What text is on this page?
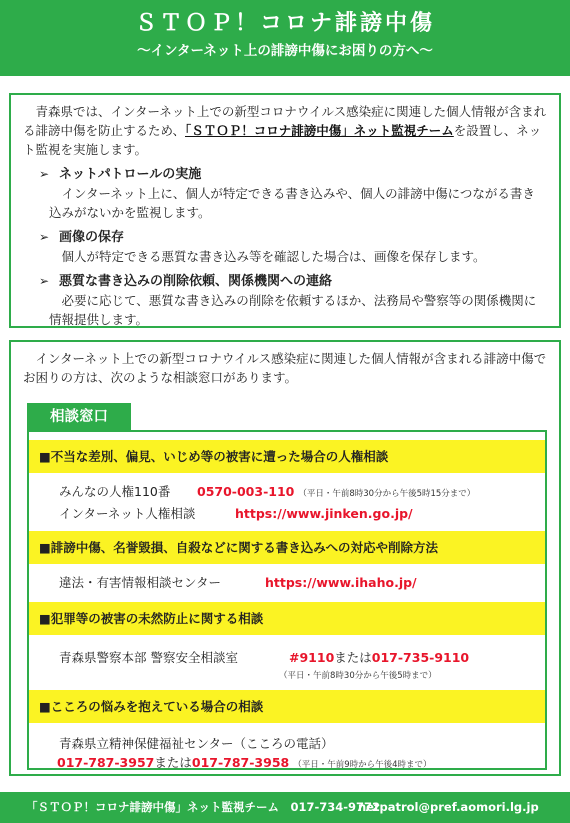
ＳＴＯＰ！コロナ誹謗中傷
〜インターネット上の誹謗中傷にお困りの方へ〜

青森県では、インターネット上での新型コロナウイルス感染症に関連した個人情報が含まれる誹謗中傷を防止するため、「ＳＴＯＰ！コロナ誹謗中傷」ネット監視チームを設置し、ネット監視を実施します。

➢ ネットパトロールの実施
インターネット上に、個人が特定できる書き込みや、個人の誹謗中傷につながる書き込みがないかを監視します。
➢ 画像の保存
個人が特定できる悪質な書き込み等を確認した場合は、画像を保存します。
➢ 悪質な書き込みの削除依頼、関係機関への連絡
必要に応じて、悪質な書き込みの削除を依頼するほか、法務局や警察等の関係機関に情報提供します。

インターネット上での新型コロナウイルス感染症に関連した個人情報が含まれる誹謗中傷でお困りの方は、次のような相談窓口があります。

相談窓口
■不当な差別、偏見、いじめ等の被害に遭った場合の人権相談
みんなの人権110番 0570-003-110 （平日・午前8時30分から午後5時15分まで）
インターネット人権相談	https://www.jinken.go.jp/
■誹謗中傷、名誉毀損、自殺などに関する書き込みへの対応や削除方法
違法・有害情報相談センター	https://www.ihaho.jp/
■犯罪等の被害の未然防止に関する相談
青森県警察本部 警察安全相談室	#9110または017-735-9110
（平日・午前8時30分から午後5時まで）
■こころの悩みを抱えている場合の相談
青森県立精神保健福祉センター（こころの電話）
017-787-3957または017-787-3958 （平日・午前9時から午後4時まで）
「ＳＴＯＰ！コロナ誹謗中傷」ネット監視チーム　017-734-9772
netpatrol@pref.aomori.lg.jp
